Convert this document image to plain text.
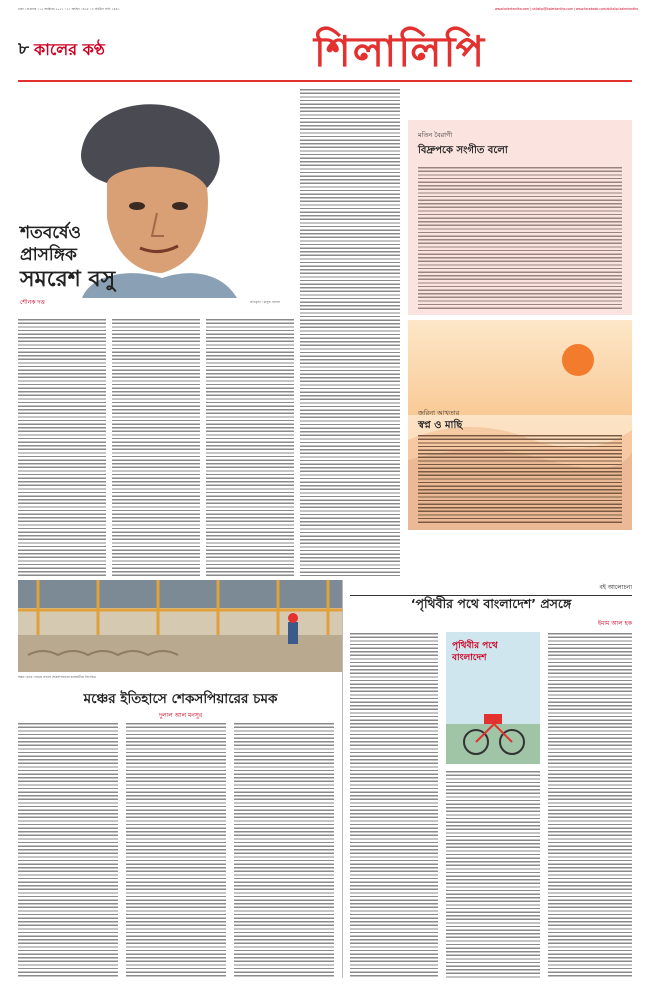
ঢাকা । শুক্রবার । ১৫ অক্টোবর ২০২১ । ২১ আশ্বিন ১৪২৮ । ৮ রবিউল সানি ১৪৪৩	www.kalerkantho.com | shilalipi@kalerkantho.com | www.facebook.com/shilalipi.kalerkantho
৮ কালের কণ্ঠ	শিলালিপি
প্রতিকৃতি : মাসুক হেলাল
শতবর্ষেও
প্রাসঙ্গিক
সমরেশ বসু
শৌনক দত্ত
মতিন বৈরাগী
বিদ্রুপকে সংগীত বলো
জরিনা আখতার
স্বপ্ন ও মাছি
অঙ্কন ভেঙে পড়েছে লন্ডনে শেকসপিয়ারের কয়েকটিকে বিদ্যাচিত্র
মঞ্চের ইতিহাসে শেকসপিয়ারের চমক
দুলাল আল মনসুর
বই আলোচনা
‘পৃথিবীর পথে বাংলাদেশ’ প্রসঙ্গে
ইমাম আল হক
পৃথিবীর পথে বাংলাদেশ
